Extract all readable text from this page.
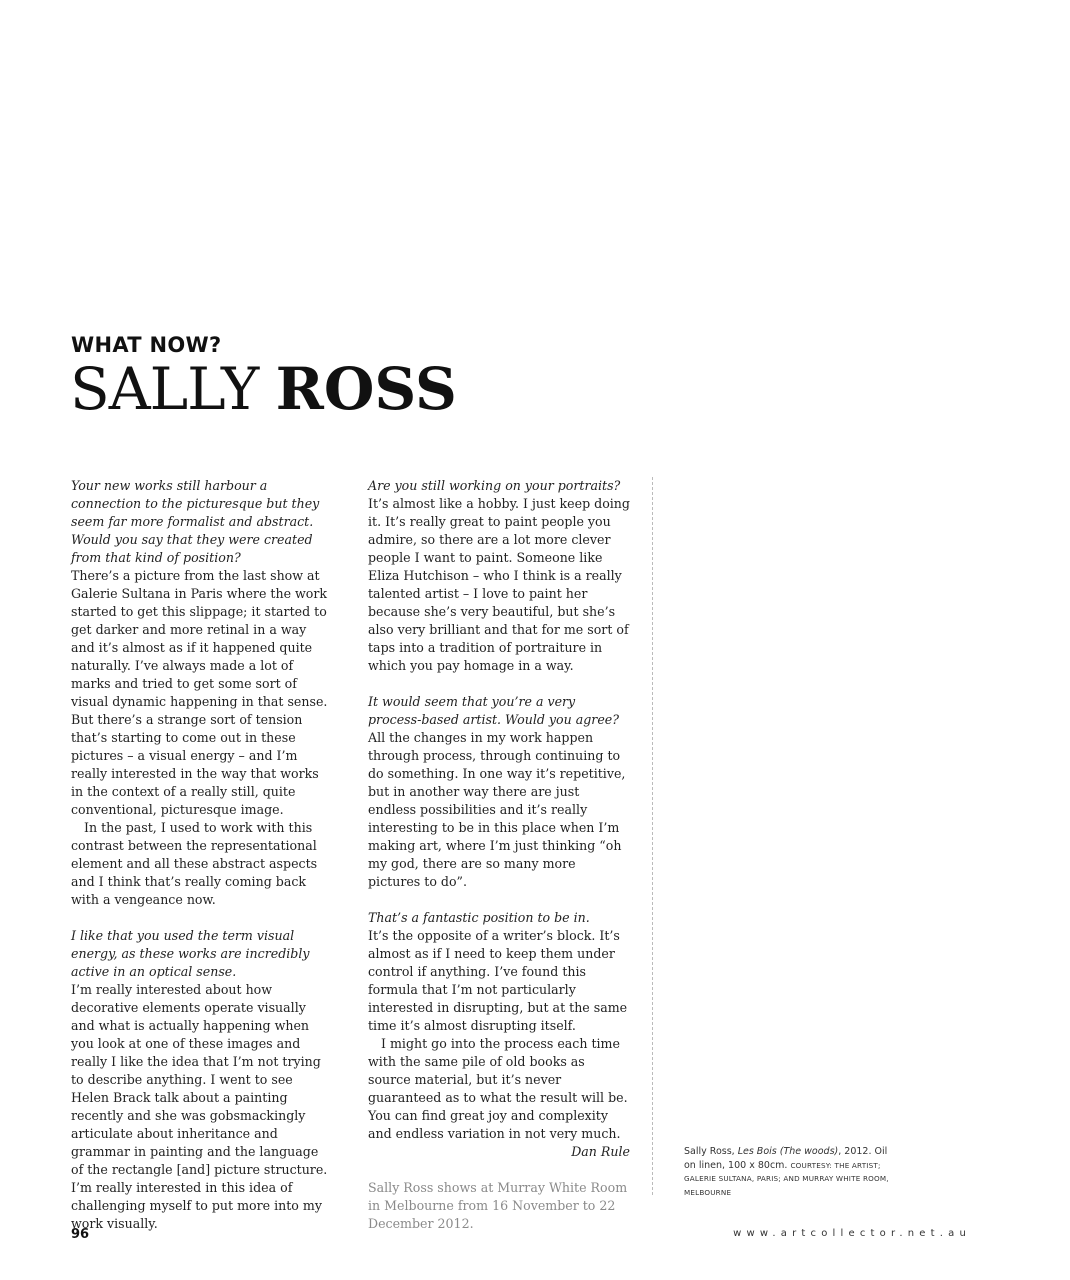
WHAT NOW?
SALLY ROSS

Your new works still harbour a connection to the picturesque but they seem far more formalist and abstract. Would you say that they were created from that kind of position?

There’s a picture from the last show at Galerie Sultana in Paris where the work started to get this slippage; it started to get darker and more retinal in a way and it’s almost as if it happened quite naturally. I’ve always made a lot of marks and tried to get some sort of visual dynamic happening in that sense. But there’s a strange sort of tension that’s starting to come out in these pictures – a visual energy – and I’m really interested in the way that works in the context of a really still, quite conventional, picturesque image.

In the past, I used to work with this contrast between the representational element and all these abstract aspects and I think that’s really coming back with a vengeance now.

I like that you used the term visual energy, as these works are incredibly active in an optical sense.

I’m really interested about how decorative elements operate visually and what is actually happening when you look at one of these images and really I like the idea that I’m not trying to describe anything. I went to see Helen Brack talk about a painting recently and she was gobsmackingly articulate about inheritance and grammar in painting and the language of the rectangle [and] picture structure. I’m really interested in this idea of challenging myself to put more into my work visually.

Are you still working on your portraits?

It’s almost like a hobby. I just keep doing it. It’s really great to paint people you admire, so there are a lot more clever people I want to paint. Someone like Eliza Hutchison – who I think is a really talented artist – I love to paint her because she’s very beautiful, but she’s also very brilliant and that for me sort of taps into a tradition of portraiture in which you pay homage in a way.

It would seem that you’re a very process-based artist. Would you agree?

All the changes in my work happen through process, through continuing to do something. In one way it’s repetitive, but in another way there are just endless possibilities and it’s really interesting to be in this place when I’m making art, where I’m just thinking “oh my god, there are so many more pictures to do”.

That’s a fantastic position to be in.

It’s the opposite of a writer’s block. It’s almost as if I need to keep them under control if anything. I’ve found this formula that I’m not particularly interested in disrupting, but at the same time it’s almost disrupting itself.

I might go into the process each time with the same pile of old books as source material, but it’s never guaranteed as to what the result will be. You can find great joy and complexity and endless variation in not very much.

Dan Rule

Sally Ross shows at Murray White Room in Melbourne from 16 November to 22 December 2012.

Sally Ross, Les Bois (The woods), 2012. Oil on linen, 100 x 80cm. COURTESY: THE ARTIST; GALERIE SULTANA, PARIS; AND MURRAY WHITE ROOM, MELBOURNE
96	www.artcollector.net.au
